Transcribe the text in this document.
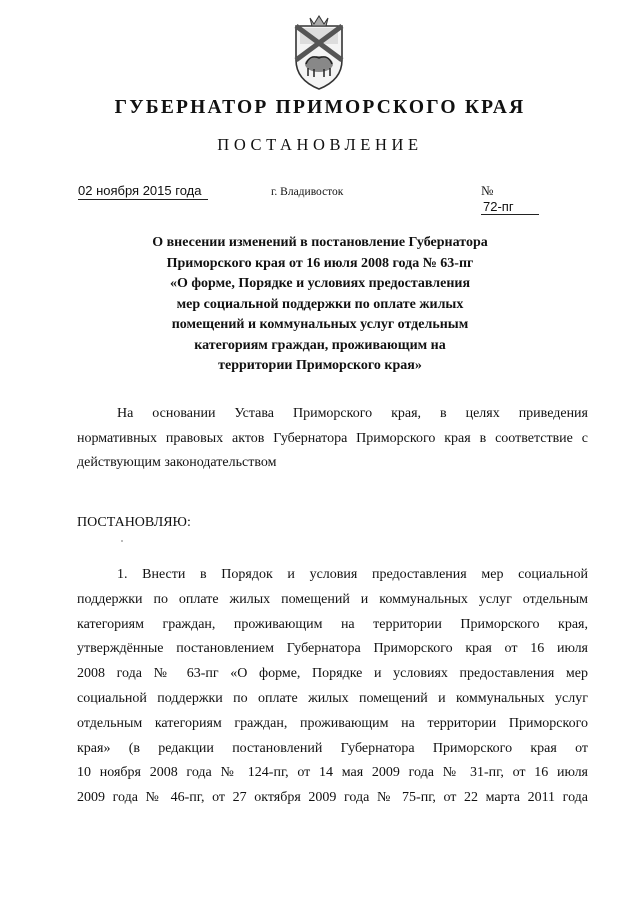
ГУБЕРНАТОР ПРИМОРСКОГО КРАЯ
ПОСТАНОВЛЕНИЕ
02 ноября 2015 года	г. Владивосток	№ 72-пг
О внесении изменений в постановление Губернатора
Приморского края от 16 июля 2008 года № 63-пг
«О форме, Порядке и условиях предоставления
мер социальной поддержки по оплате жилых
помещений и коммунальных услуг отдельным
категориям граждан, проживающим на
территории Приморского края»
На основании Устава Приморского края, в целях приведения
нормативных правовых актов Губернатора Приморского края в соответствие с
действующим законодательством
ПОСТАНОВЛЯЮ:
1. Внести в Порядок и условия предоставления мер социальной
поддержки по оплате жилых помещений и коммунальных услуг отдельным
категориям граждан, проживающим на территории Приморского края,
утверждённые постановлением Губернатора Приморского края от 16 июля
2008 года № 63-пг «О форме, Порядке и условиях предоставления мер
социальной поддержки по оплате жилых помещений и коммунальных услуг
отдельным категориям граждан, проживающим на территории Приморского
края» (в редакции постановлений Губернатора Приморского края от
10 ноября 2008 года № 124-пг, от 14 мая 2009 года № 31-пг, от 16 июля
2009 года № 46-пг, от 27 октября 2009 года № 75-пг, от 22 марта 2011 года
